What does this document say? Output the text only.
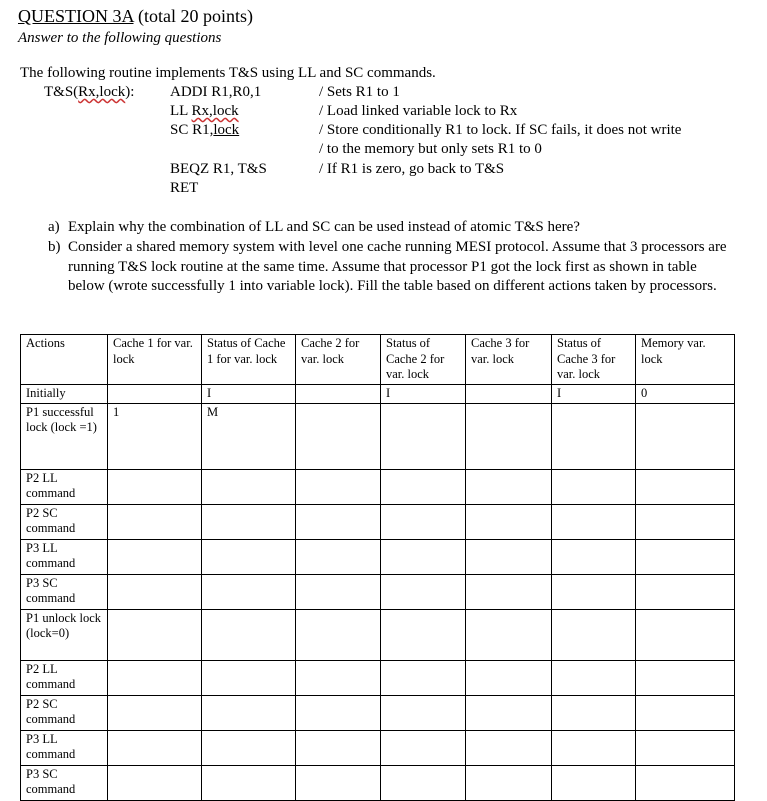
QUESTION 3A (total 20 points)
Answer to the following questions
The following routine implements T&S using LL and SC commands.
T&S(Rx,lock): ADDI R1,R0,1	/ Sets R1 to 1
LL Rx,lock	/ Load linked variable lock to Rx
SC R1,lock	/ Store conditionally R1 to lock. If SC fails, it does not write
/ to the memory but only sets R1 to 0
BEQZ R1, T&S	/ If R1 is zero, go back to T&S
RET
a) Explain why the combination of LL and SC can be used instead of atomic T&S here?
b) Consider a shared memory system with level one cache running MESI protocol. Assume that 3 processors are running T&S lock routine at the same time. Assume that processor P1 got the lock first as shown in table below (wrote successfully 1 into variable lock). Fill the table based on different actions taken by processors.
Actions	Cache 1 for var. lock	Status of Cache 1 for var. lock	Cache 2 for var. lock	Status of Cache 2 for var. lock	Cache 3 for var. lock	Status of Cache 3 for var. lock	Memory var. lock
Initially		I		I		I	0
P1 successful lock (lock =1)	1	M					
P2 LL command							
P2 SC command							
P3 LL command							
P3 SC command							
P1 unlock lock (lock=0)							
P2 LL command							
P2 SC command							
P3 LL command							
P3 SC command							
